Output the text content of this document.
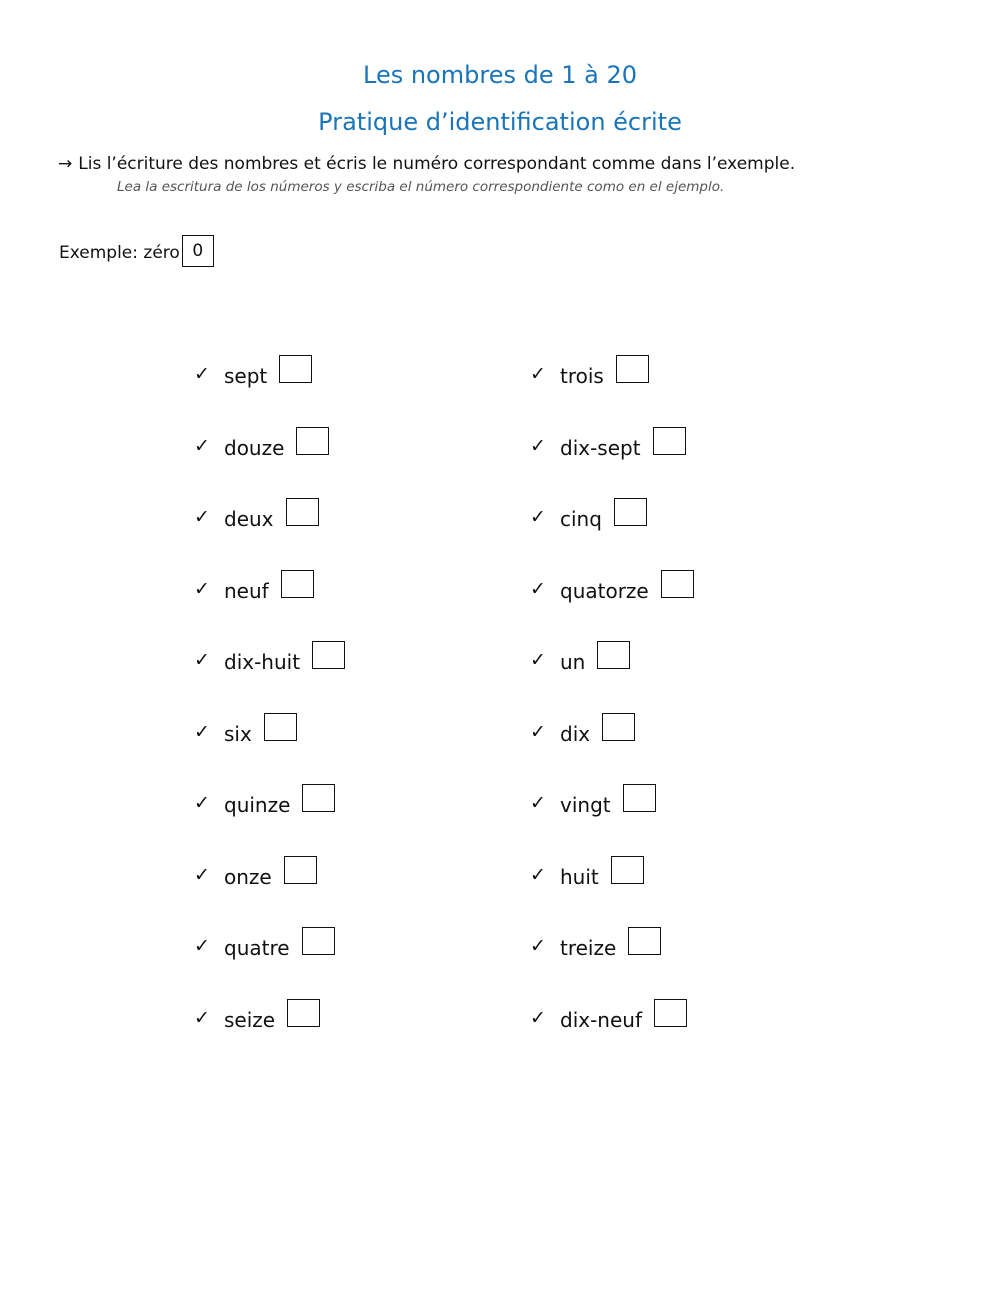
Les nombres de 1 à 20
Pratique d’identification écrite
→ Lis l’écriture des nombres et écris le numéro correspondant comme dans l’exemple.
Lea la escritura de los números y escriba el número correspondiente como en el ejemplo.
Exemple: zéro 0
✓ sept
✓ douze
✓ deux
✓ neuf
✓ dix-huit
✓ six
✓ quinze
✓ onze
✓ quatre
✓ seize
✓ trois
✓ dix-sept
✓ cinq
✓ quatorze
✓ un
✓ dix
✓ vingt
✓ huit
✓ treize
✓ dix-neuf
